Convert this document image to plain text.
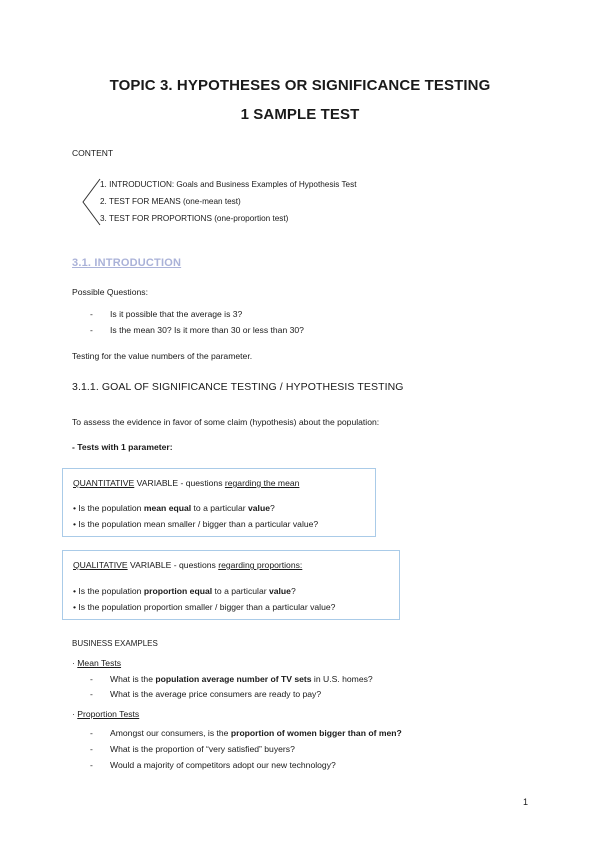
TOPIC 3. HYPOTHESES OR SIGNIFICANCE TESTING
1 SAMPLE TEST
CONTENT
1. INTRODUCTION: Goals and Business Examples of Hypothesis Test
2. TEST FOR MEANS (one-mean test)
3. TEST FOR PROPORTIONS (one-proportion test)
3.1. INTRODUCTION
Possible Questions:
- Is it possible that the average is 3?
- Is the mean 30? Is it more than 30 or less than 30?
Testing for the value numbers of the parameter.
3.1.1. GOAL OF SIGNIFICANCE TESTING / HYPOTHESIS TESTING
To assess the evidence in favor of some claim (hypothesis) about the population:
- Tests with 1 parameter:
QUANTITATIVE VARIABLE - questions regarding the mean
• Is the population mean equal to a particular value?
• Is the population mean smaller / bigger than a particular value?
QUALITATIVE VARIABLE - questions regarding proportions:
• Is the population proportion equal to a particular value?
• Is the population proportion smaller / bigger than a particular value?
BUSINESS EXAMPLES
· Mean Tests
- What is the population average number of TV sets in U.S. homes?
- What is the average price consumers are ready to pay?
· Proportion Tests
- Amongst our consumers, is the proportion of women bigger than of men?
- What is the proportion of “very satisfied” buyers?
- Would a majority of competitors adopt our new technology?
1
